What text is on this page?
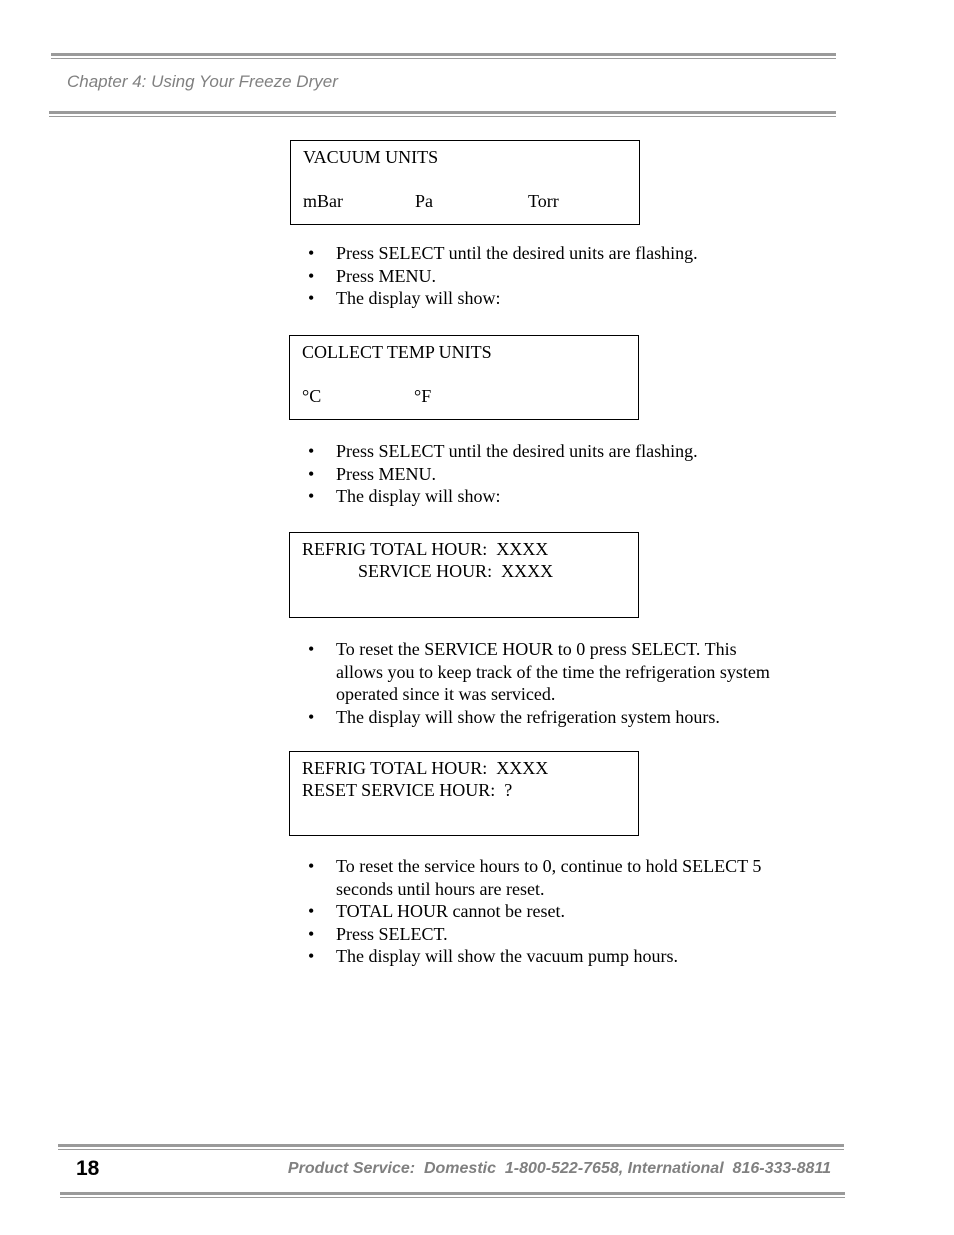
Chapter 4: Using Your Freeze Dryer
VACUUM UNITS

mBar

	Pa

	Torr

• Press SELECT until the desired units are flashing.
• Press MENU.
• The display will show:
COLLECT TEMP UNITS

°C

	°F

• Press SELECT until the desired units are flashing.
• Press MENU.
• The display will show:
REFRIG TOTAL HOUR:  XXXX
SERVICE HOUR:  XXXX
• To reset the SERVICE HOUR to 0 press SELECT. This allows you to keep track of the time the refrigeration system operated since it was serviced.
• The display will show the refrigeration system hours.
REFRIG TOTAL HOUR:  XXXX
RESET SERVICE HOUR:  ?
• To reset the service hours to 0, continue to hold SELECT 5 seconds until hours are reset.
• TOTAL HOUR cannot be reset.
• Press SELECT.
• The display will show the vacuum pump hours.
18	Product Service:  Domestic  1-800-522-7658, International  816-333-8811
